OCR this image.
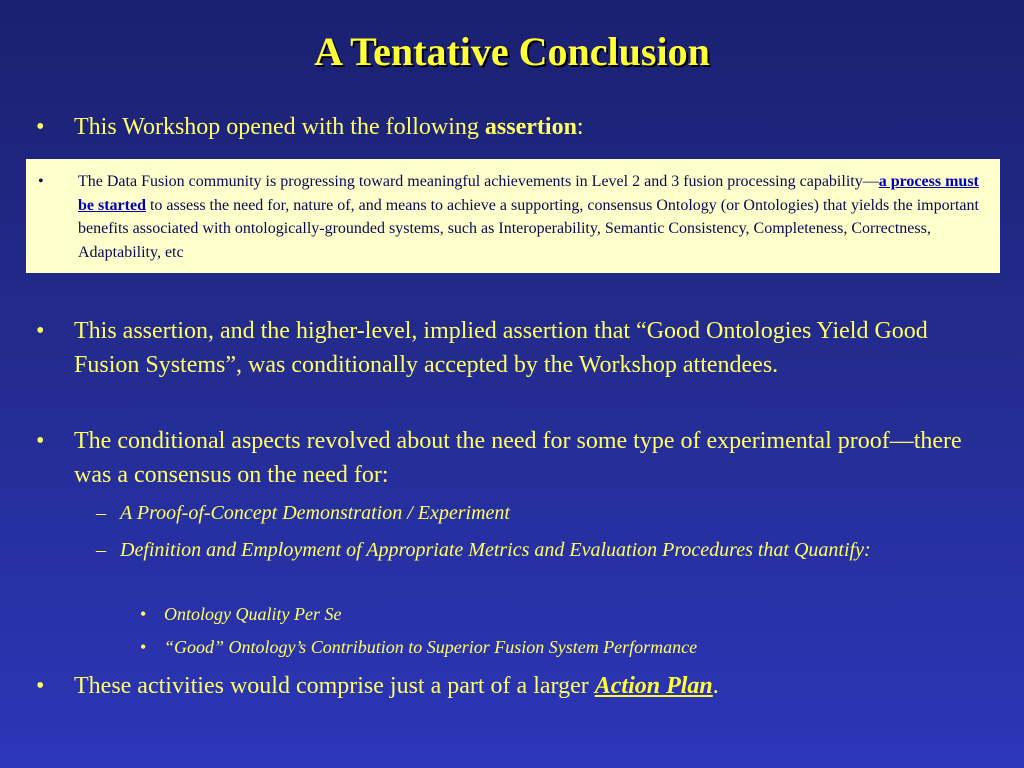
A Tentative Conclusion
•	This Workshop opened with the following assertion:
•	The Data Fusion community is progressing toward meaningful achievements in Level 2 and 3 fusion processing capability—a process must be started to assess the need for, nature of, and means to achieve a supporting, consensus Ontology (or Ontologies) that yields the important benefits associated with ontologically-grounded systems, such as Interoperability, Semantic Consistency, Completeness, Correctness, Adaptability, etc
•	This assertion, and the higher-level, implied assertion that “Good Ontologies Yield Good Fusion Systems”, was conditionally accepted by the Workshop attendees.
•	The conditional aspects revolved about the need for some type of experimental proof—there was a consensus on the need for:
– A Proof-of-Concept Demonstration / Experiment
– Definition and Employment of Appropriate Metrics and Evaluation Procedures that Quantify:
• Ontology Quality Per Se
• “Good” Ontology’s Contribution to Superior Fusion System Performance
•	These activities would comprise just a part of a larger Action Plan.
